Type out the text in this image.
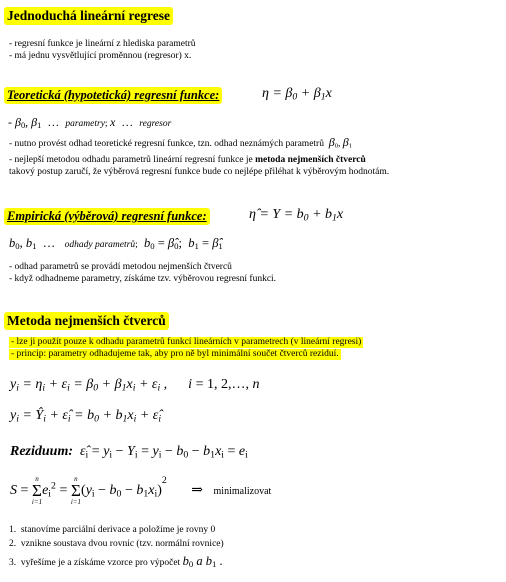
Jednoduchá lineární regrese
- regresní funkce je lineární z hlediska parametrů
- má jednu vysvětlující proměnnou (regresor) x.
Teoretická (hypotetická) regresní funkce:	$\eta = \beta_0 + \beta_1x$
- $\beta_0$, $\beta_1$  …  parametry; x  …  regresor
- nutno provést odhad teoretické regresní funkce, tzn. odhad neznámých parametrů  $\beta_0$, $\beta_1$
- nejlepší metodou odhadu parametrů lineární regresní funkce je metoda nejmenších čtverců
takový postup zaručí, že výběrová regresní funkce bude co nejlépe přiléhat k výběrovým hodnotám.
Empirická (výběrová) regresní funkce:	η̂ = $Y = b_0 + b_1x$
$b_0$, $b_1$  …   odhady parametrů; $b_0$ = $\betâ_0$;  $b_1$ = $\betâ_1$
- odhad parametrů se provádí metodou nejmenších čtverců
- když odhadneme parametry, získáme tzv. výběrovou regresní funkci.
Metoda nejmenších čtverců
- lze ji použít pouze k odhadu parametrů funkcí lineárních v parametrech (v lineární regresi)
- princip: parametry odhadujeme tak, aby pro ně byl minimální součet čtverců reziduí.
$y_i = \eta_i + \varepsilon_i = \beta_0 + \beta_1x_i + \varepsilon_i$ ,      i = 1, 2,…, n
$y_i$ = $Ŷ_i$ + $\varepsilon̂_i = b_0 + b_1x_i$ + $\varepsilon̂_i$
Reziduum: $\varepsilon̂_i = y_i - Y_i = y_i - b_0 - b_1x_i = e_i$
S =
n
Σ
i=1
$e_i^2$ =
n
Σ
i=1
$(y_i - b_0 - b_1x_i)^2$       ⇒ minimalizovat
1.  stanovíme parciální derivace a položíme je rovny 0
2.  vznikne soustava dvou rovnic (tzv. normální rovnice)
3.  vyřešíme je a získáme vzorce pro výpočet $b_0$ a $b_1$ .
